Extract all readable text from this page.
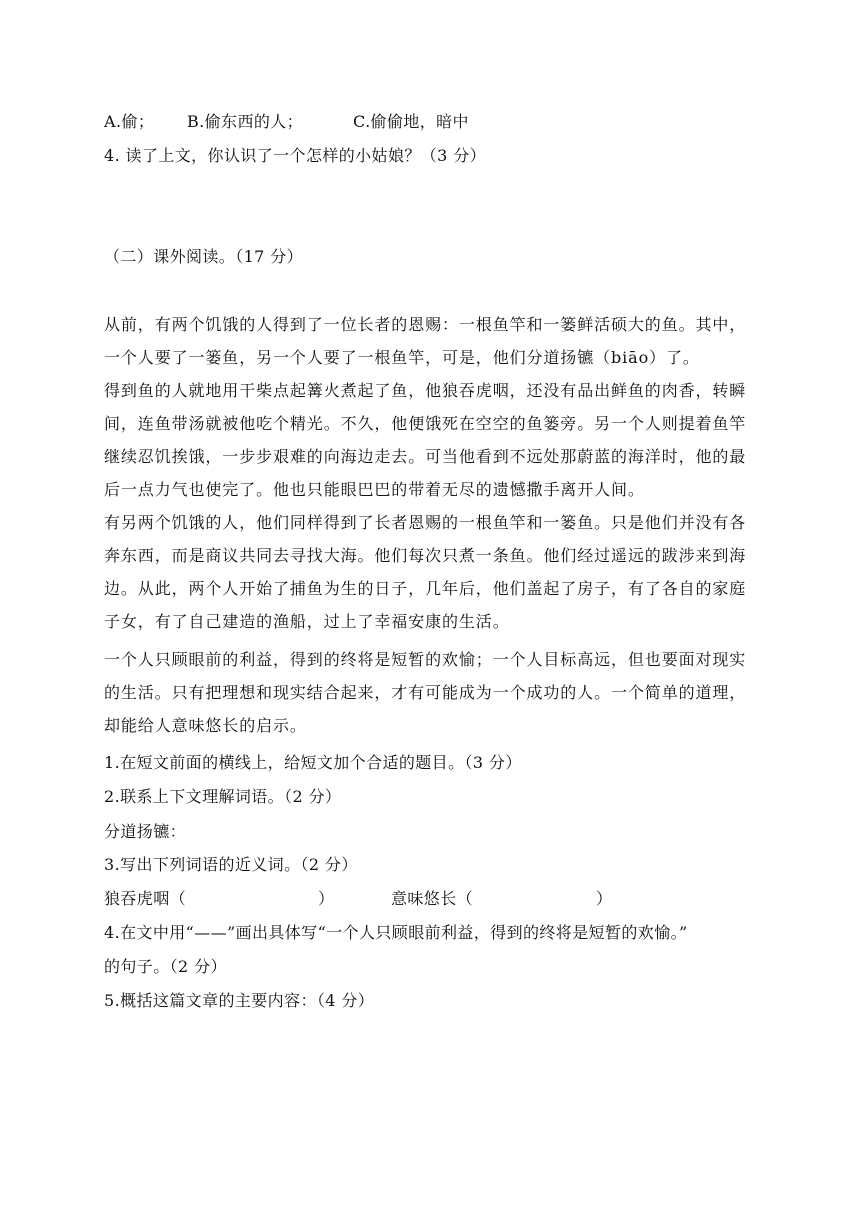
A.偷； B.偷东西的人；	C.偷偷地，暗中
4. 读了上文，你认识了一个怎样的小姑娘？（3 分）
（二）课外阅读。（17 分）
从前，有两个饥饿的人得到了一位长者的恩赐：一根鱼竿和一篓鲜活硕大的鱼。其中，
一个人要了一篓鱼，另一个人要了一根鱼竿，可是，他们分道扬镳（biāo）了。
得到鱼的人就地用干柴点起篝火煮起了鱼，他狼吞虎咽，还没有品出鲜鱼的肉香，转瞬
间，连鱼带汤就被他吃个精光。不久，他便饿死在空空的鱼篓旁。另一个人则提着鱼竿
继续忍饥挨饿，一步步艰难的向海边走去。可当他看到不远处那蔚蓝的海洋时，他的最
后一点力气也使完了。他也只能眼巴巴的带着无尽的遗憾撒手离开人间。
有另两个饥饿的人，他们同样得到了长者恩赐的一根鱼竿和一篓鱼。只是他们并没有各
奔东西，而是商议共同去寻找大海。他们每次只煮一条鱼。他们经过遥远的跋涉来到海
边。从此，两个人开始了捕鱼为生的日子，几年后，他们盖起了房子，有了各自的家庭
子女，有了自己建造的渔船，过上了幸福安康的生活。
一个人只顾眼前的利益，得到的终将是短暂的欢愉；一个人目标高远，但也要面对现实
的生活。只有把理想和现实结合起来，才有可能成为一个成功的人。一个简单的道理，
却能给人意味悠长的启示。
1.在短文前面的横线上，给短文加个合适的题目。（3 分）
2.联系上下文理解词语。（2 分）
分道扬镳：
3.写出下列词语的近义词。（2 分）
狼吞虎咽（	）	意味悠长（	）
4.在文中用“——”画出具体写“一个人只顾眼前利益，得到的终将是短暂的欢愉。”
的句子。（2 分）
5.概括这篇文章的主要内容：（4 分）
